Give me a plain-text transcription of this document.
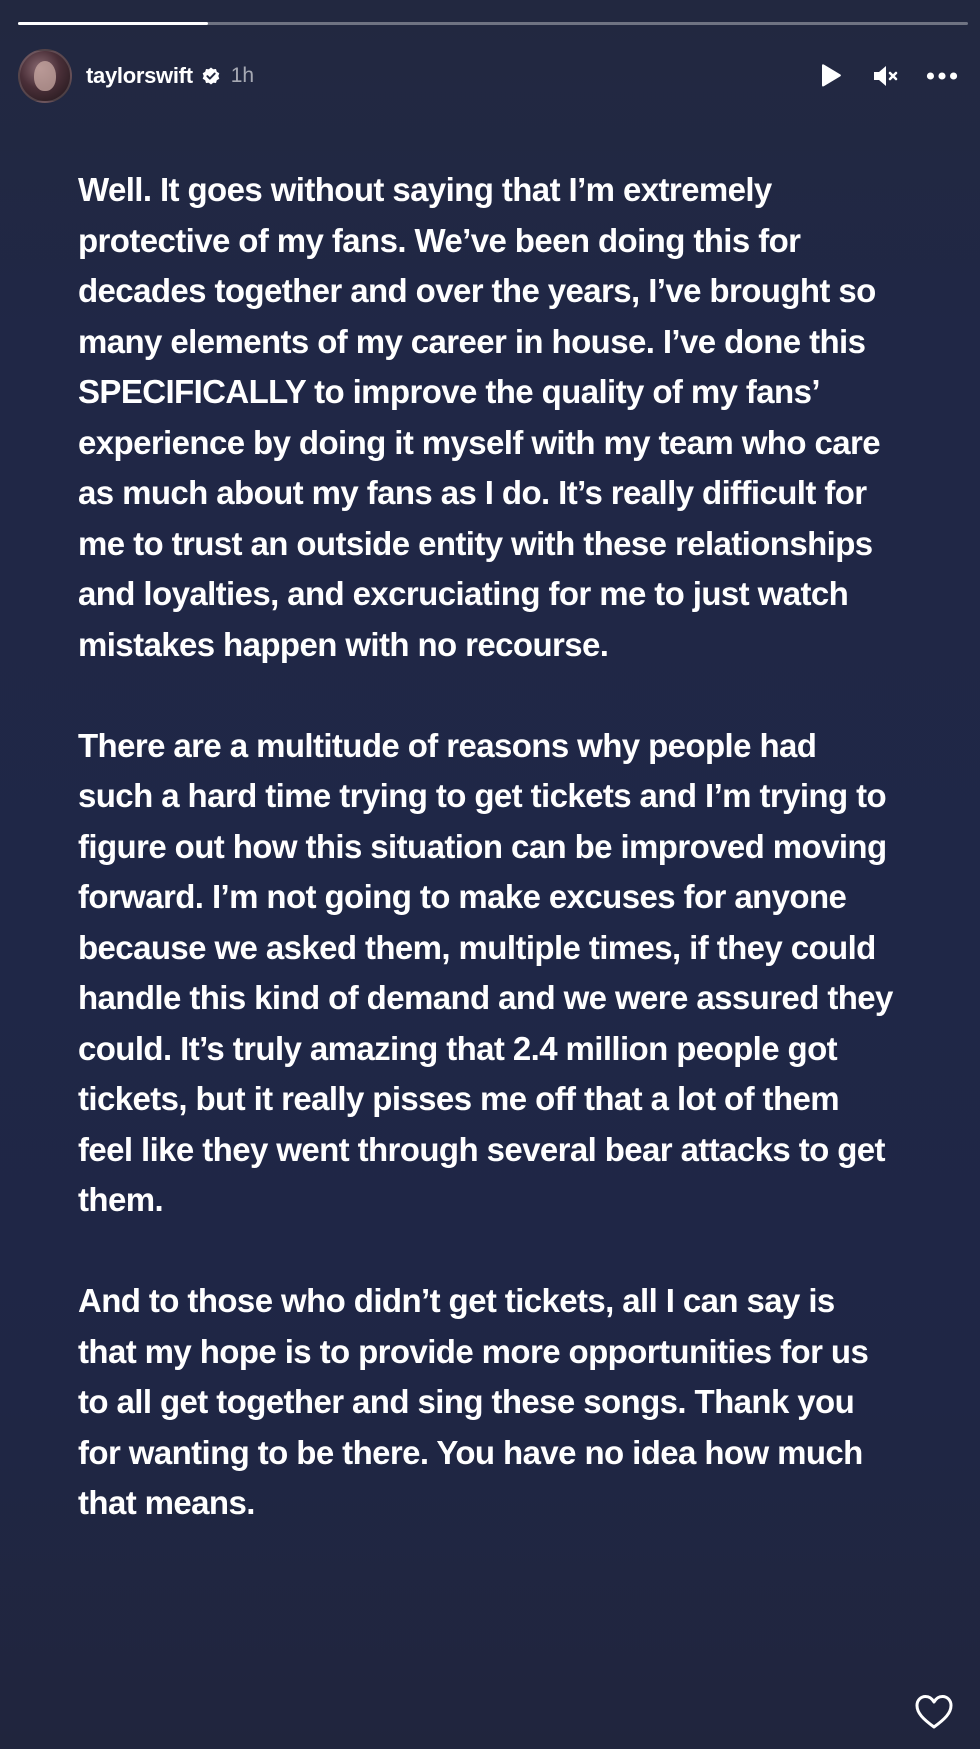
taylorswift 1h

Well. It goes without saying that I’m extremely protective of my fans. We’ve been doing this for decades together and over the years, I’ve brought so many elements of my career in house. I’ve done this SPECIFICALLY to improve the quality of my fans’ experience by doing it myself with my team who care as much about my fans as I do. It’s really difficult for me to trust an outside entity with these relationships and loyalties, and excruciating for me to just watch mistakes happen with no recourse.

There are a multitude of reasons why people had such a hard time trying to get tickets and I’m trying to figure out how this situation can be improved moving forward. I’m not going to make excuses for anyone because we asked them, multiple times, if they could handle this kind of demand and we were assured they could. It’s truly amazing that 2.4 million people got tickets, but it really pisses me off that a lot of them feel like they went through several bear attacks to get them.

And to those who didn’t get tickets, all I can say is that my hope is to provide more opportunities for us to all get together and sing these songs. Thank you for wanting to be there. You have no idea how much that means.
